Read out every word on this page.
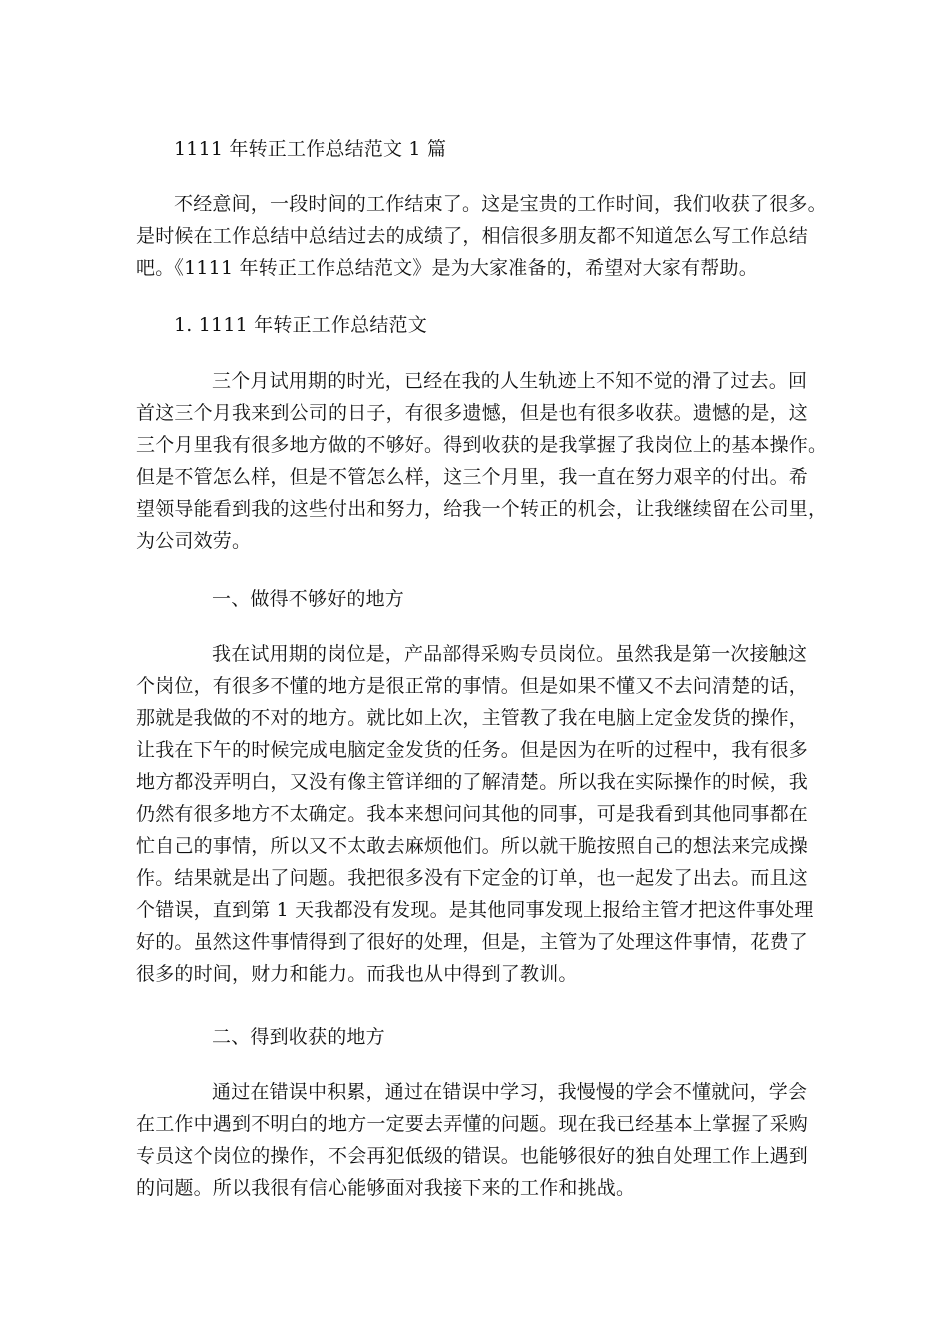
1111 年转正工作总结范文 1 篇

不经意间，一段时间的工作结束了。这是宝贵的工作时间，我们收获了很多。
是时候在工作总结中总结过去的成绩了，相信很多朋友都不知道怎么写工作总结
吧。《1111 年转正工作总结范文》是为大家准备的，希望对大家有帮助。

1. 1111 年转正工作总结范文

三个月试用期的时光，已经在我的人生轨迹上不知不觉的滑了过去。回
首这三个月我来到公司的日子，有很多遗憾，但是也有很多收获。遗憾的是，这
三个月里我有很多地方做的不够好。得到收获的是我掌握了我岗位上的基本操作。
但是不管怎么样，但是不管怎么样，这三个月里，我一直在努力艰辛的付出。希
望领导能看到我的这些付出和努力，给我一个转正的机会，让我继续留在公司里，
为公司效劳。

一、做得不够好的地方

我在试用期的岗位是，产品部得采购专员岗位。虽然我是第一次接触这
个岗位，有很多不懂的地方是很正常的事情。但是如果不懂又不去问清楚的话，
那就是我做的不对的地方。就比如上次，主管教了我在电脑上定金发货的操作，
让我在下午的时候完成电脑定金发货的任务。但是因为在听的过程中，我有很多
地方都没弄明白，又没有像主管详细的了解清楚。所以我在实际操作的时候，我
仍然有很多地方不太确定。我本来想问问其他的同事，可是我看到其他同事都在
忙自己的事情，所以又不太敢去麻烦他们。所以就干脆按照自己的想法来完成操
作。结果就是出了问题。我把很多没有下定金的订单，也一起发了出去。而且这
个错误，直到第 1 天我都没有发现。是其他同事发现上报给主管才把这件事处理
好的。虽然这件事情得到了很好的处理，但是，主管为了处理这件事情，花费了
很多的时间，财力和能力。而我也从中得到了教训。

二、得到收获的地方

通过在错误中积累，通过在错误中学习，我慢慢的学会不懂就问，学会
在工作中遇到不明白的地方一定要去弄懂的问题。现在我已经基本上掌握了采购
专员这个岗位的操作，不会再犯低级的错误。也能够很好的独自处理工作上遇到
的问题。所以我很有信心能够面对我接下来的工作和挑战。
